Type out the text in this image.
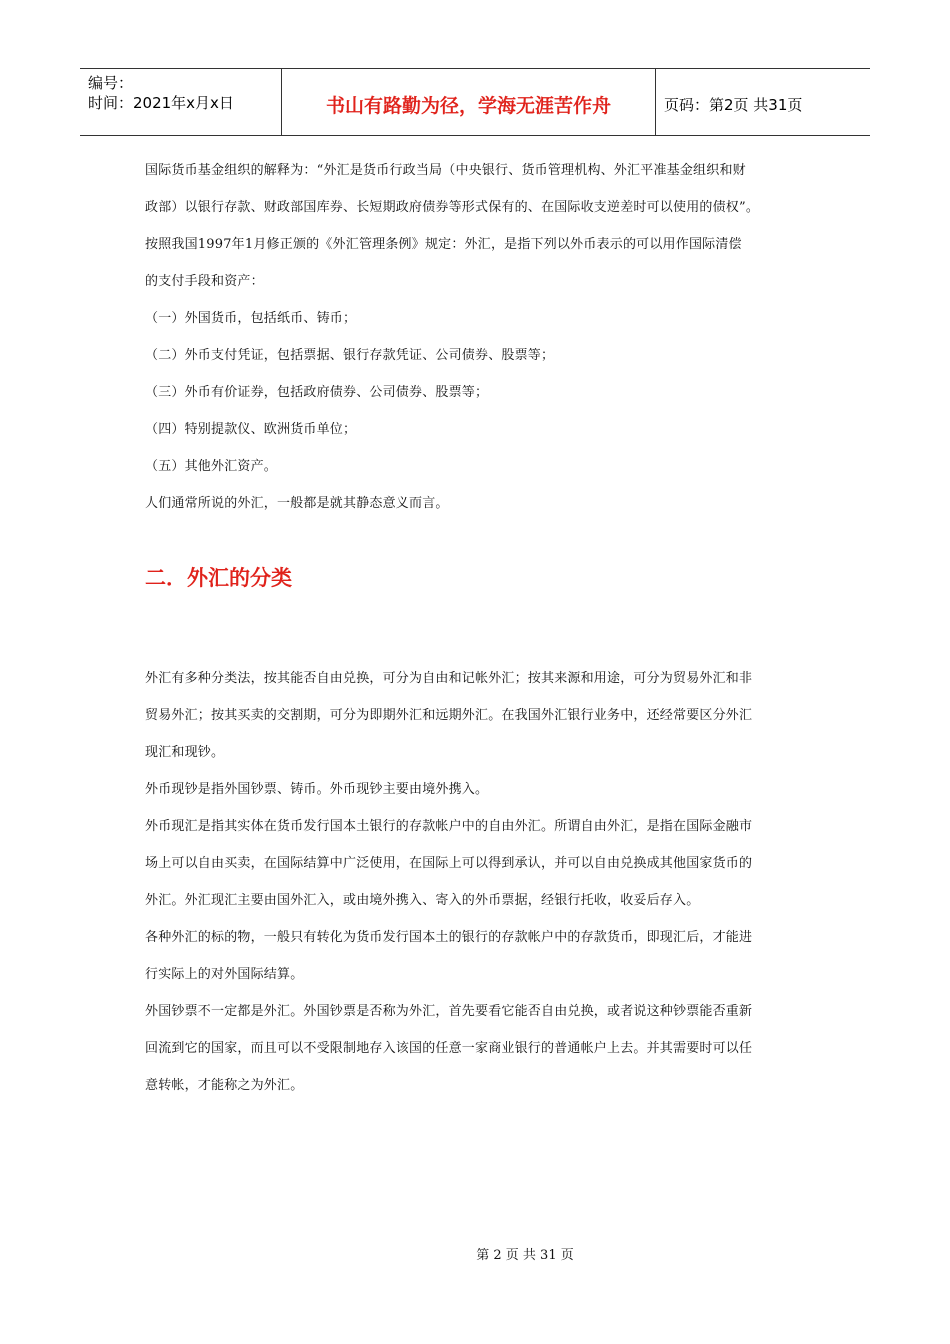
编号：
时间：2021年x月x日	书山有路勤为径，学海无涯苦作舟	页码：第2页 共31页

国际货币基金组织的解释为：“外汇是货币行政当局（中央银行、货币管理机构、外汇平准基金组织和财

政部）以银行存款、财政部国库券、长短期政府债券等形式保有的、在国际收支逆差时可以使用的债权”。

按照我国1997年1月修正颁的《外汇管理条例》规定：外汇，是指下列以外币表示的可以用作国际清偿

的支付手段和资产：

（一）外国货币，包括纸币、铸币；

（二）外币支付凭证，包括票据、银行存款凭证、公司债券、股票等；

（三）外币有价证券，包括政府债券、公司债券、股票等；

（四）特别提款仪、欧洲货币单位；

（五）其他外汇资产。

人们通常所说的外汇，一般都是就其静态意义而言。

二．外汇的分类

外汇有多种分类法，按其能否自由兑换，可分为自由和记帐外汇；按其来源和用途，可分为贸易外汇和非

贸易外汇；按其买卖的交割期，可分为即期外汇和远期外汇。在我国外汇银行业务中，还经常要区分外汇

现汇和现钞。

外币现钞是指外国钞票、铸币。外币现钞主要由境外携入。

外币现汇是指其实体在货币发行国本土银行的存款帐户中的自由外汇。所谓自由外汇，是指在国际金融市

场上可以自由买卖，在国际结算中广泛使用，在国际上可以得到承认，并可以自由兑换成其他国家货币的

外汇。外汇现汇主要由国外汇入，或由境外携入、寄入的外币票据，经银行托收，收妥后存入。

各种外汇的标的物，一般只有转化为货币发行国本土的银行的存款帐户中的存款货币，即现汇后，才能进

行实际上的对外国际结算。

外国钞票不一定都是外汇。外国钞票是否称为外汇，首先要看它能否自由兑换，或者说这种钞票能否重新

回流到它的国家，而且可以不受限制地存入该国的任意一家商业银行的普通帐户上去。并其需要时可以任

意转帐，才能称之为外汇。

第 2 页 共 31 页
